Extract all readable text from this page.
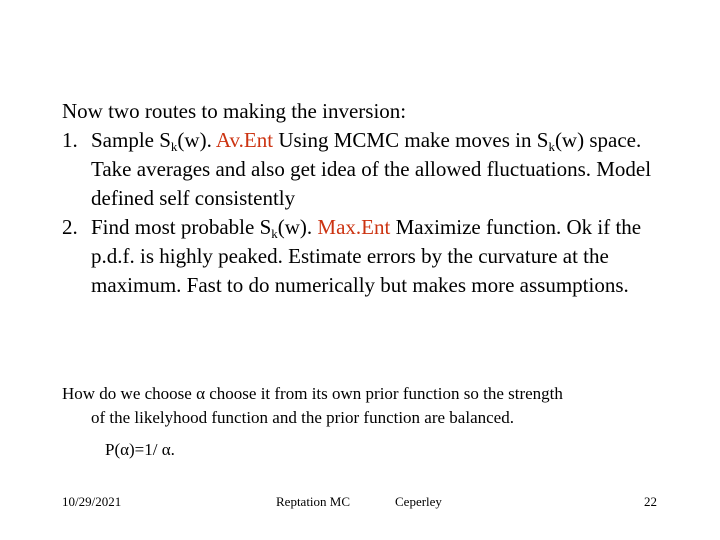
Now two routes to making the inversion:

1. Sample $S_k(w)$. Av.Ent Using MCMC make moves in $S_k(w)$ space. Take averages and also get idea of the allowed fluctuations. Model defined self consistently

2. Find most probable $S_k(w)$. Max.Ent Maximize function. Ok if the p.d.f. is highly peaked. Estimate errors by the curvature at the maximum. Fast to do numerically but makes more assumptions.

How do we choose α choose it from its own prior function so the strength

of the likelyhood function and the prior function are balanced.

P(α)=1/ α.

10/29/2021	Reptation MC	Ceperley	22
